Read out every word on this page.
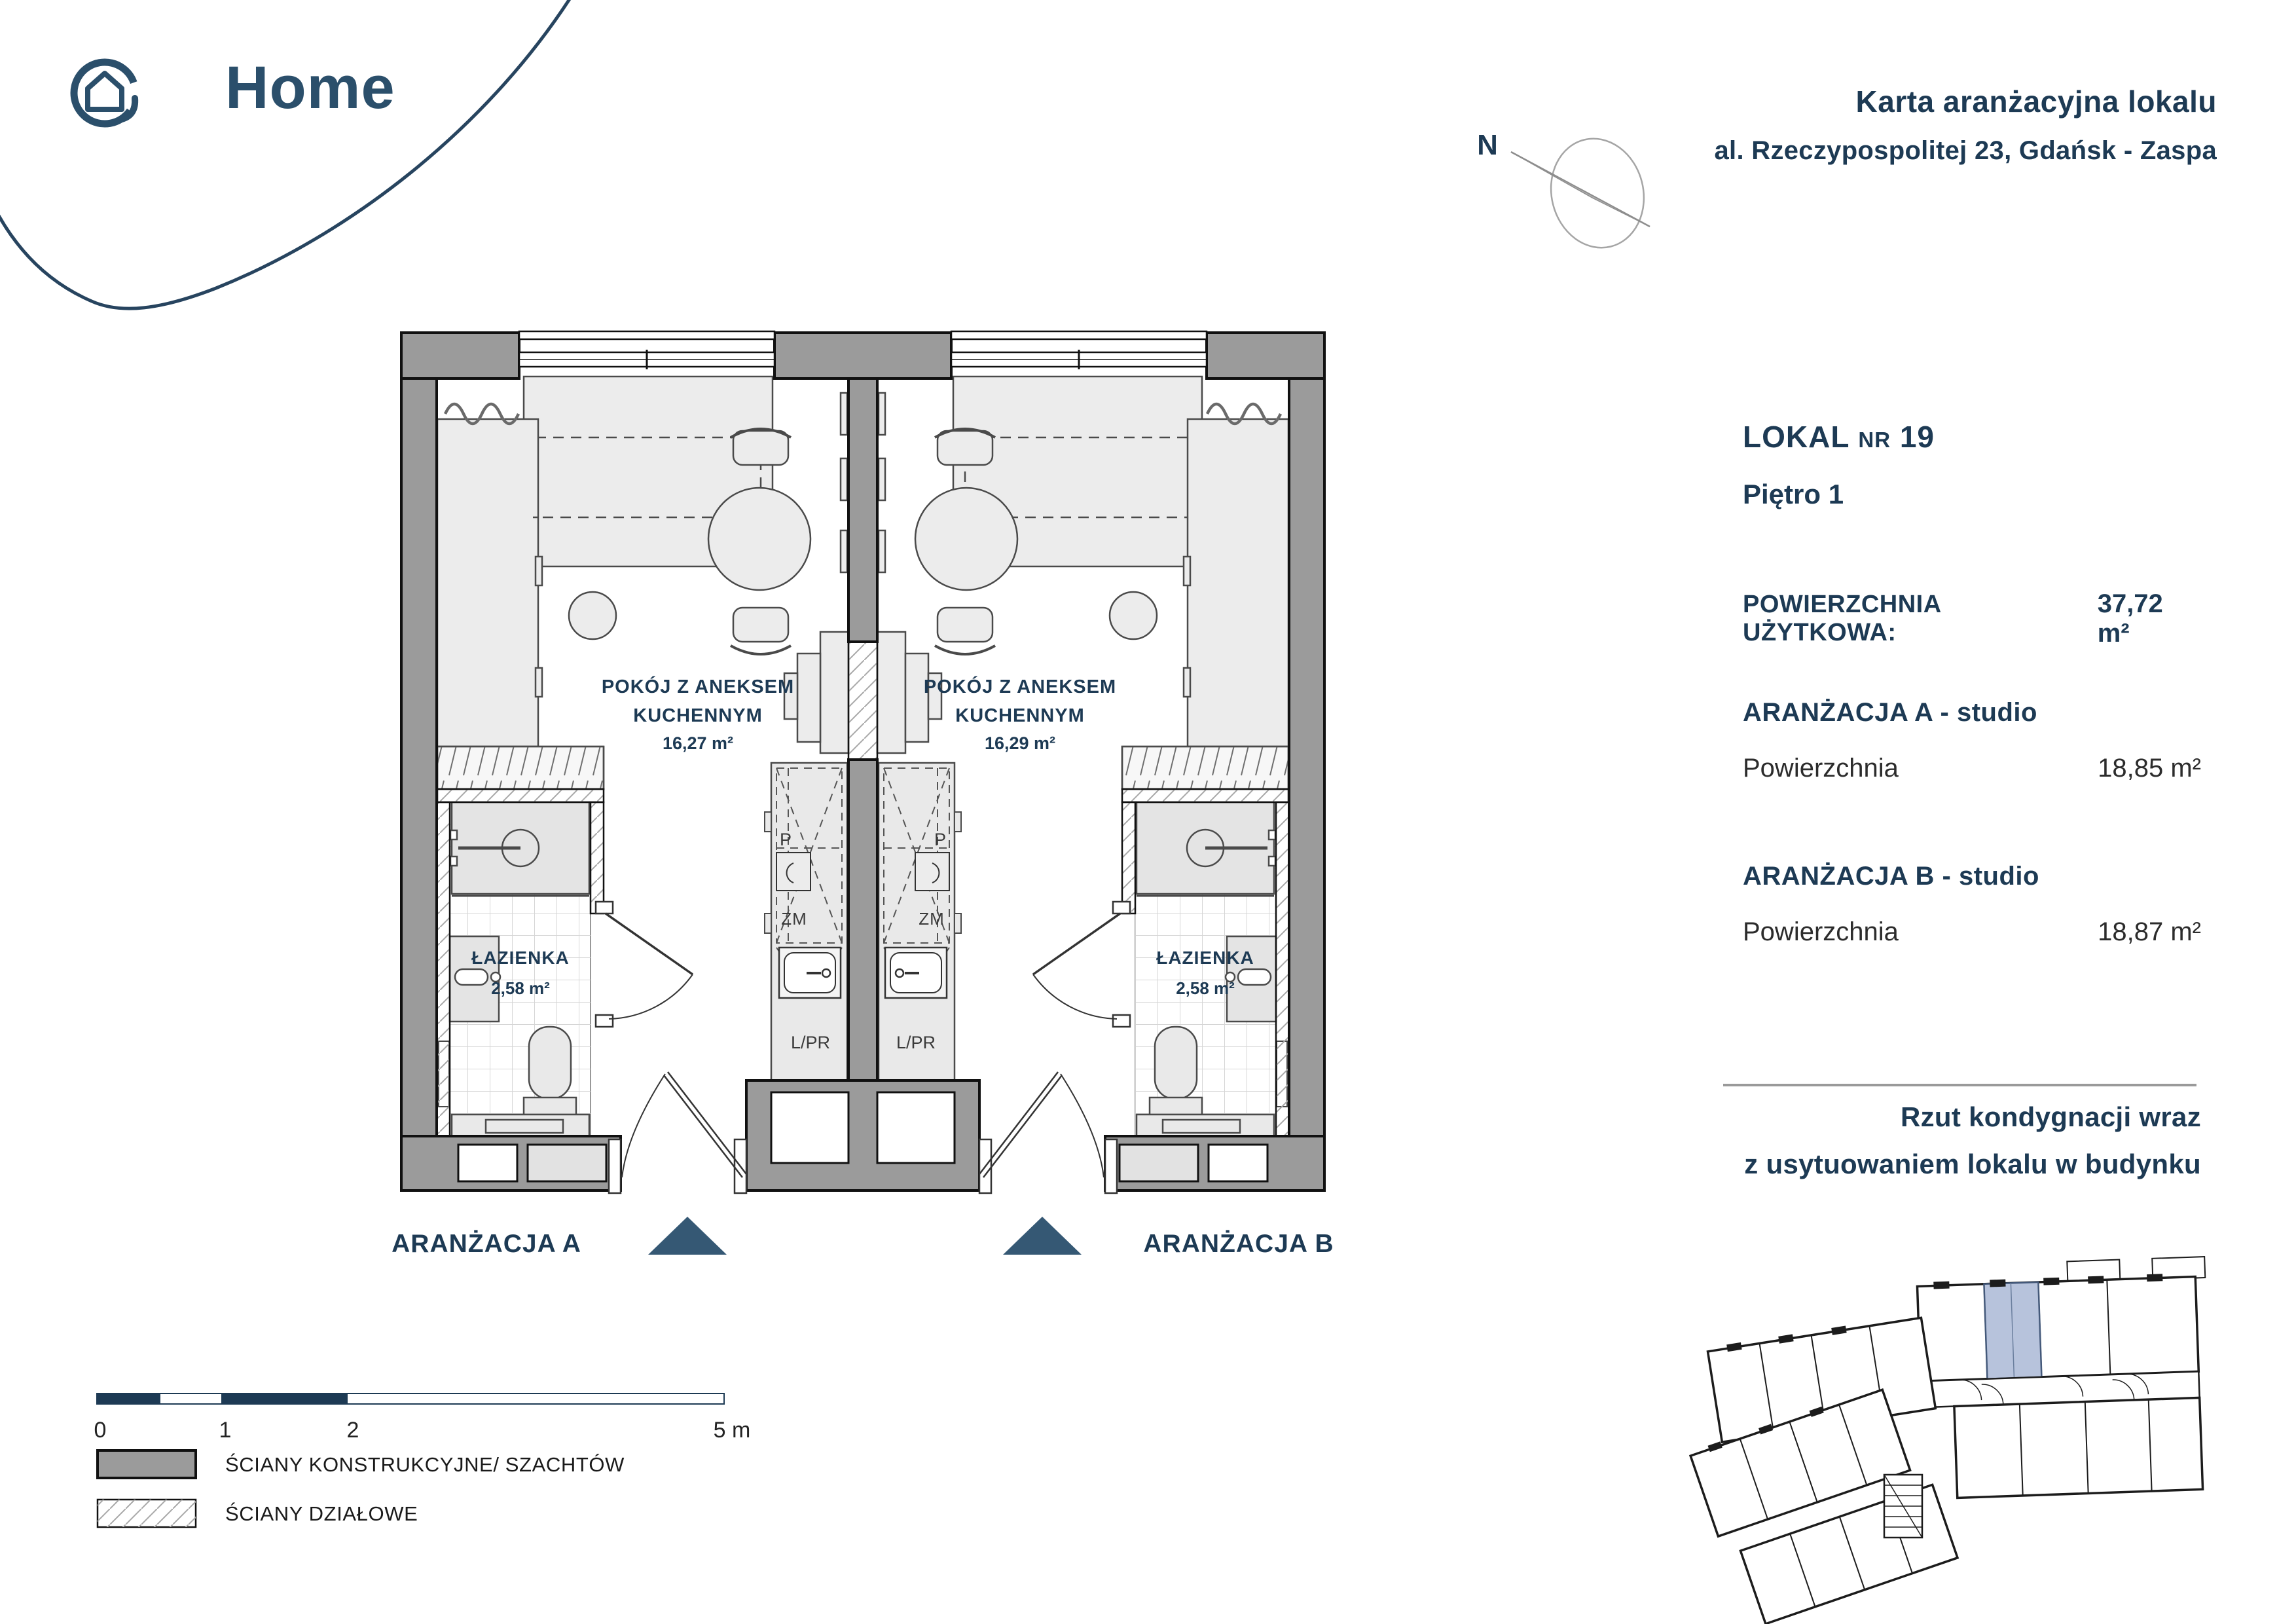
N
POKÓJ Z ANEKSEM
KUCHENNYM
16,27 m²
POKÓJ Z ANEKSEM
KUCHENNYM
16,29 m²
ŁAZIENKA
2,58 m²
ŁAZIENKA
2,58 m²
ARANŻACJA A	ARANŻACJA B
P	P
ZM	ZM
L/PR	L/PR
0	1	2	5 m
Home	Karta aranżacyjna lokalu
al. Rzeczypospolitej 23, Gdańsk - Zaspa
LOKAL NR 19
Piętro 1
POWIERZCHNIA UŻYTKOWA:
37,72 m²
ARANŻACJA A - studio
Powierzchnia	18,85 m²
ARANŻACJA B - studio
Powierzchnia	18,87 m²
Rzut kondygnacji wraz
z usytuowaniem lokalu w budynku
ŚCIANY KONSTRUKCYJNE/ SZACHTÓW
ŚCIANY DZIAŁOWE
